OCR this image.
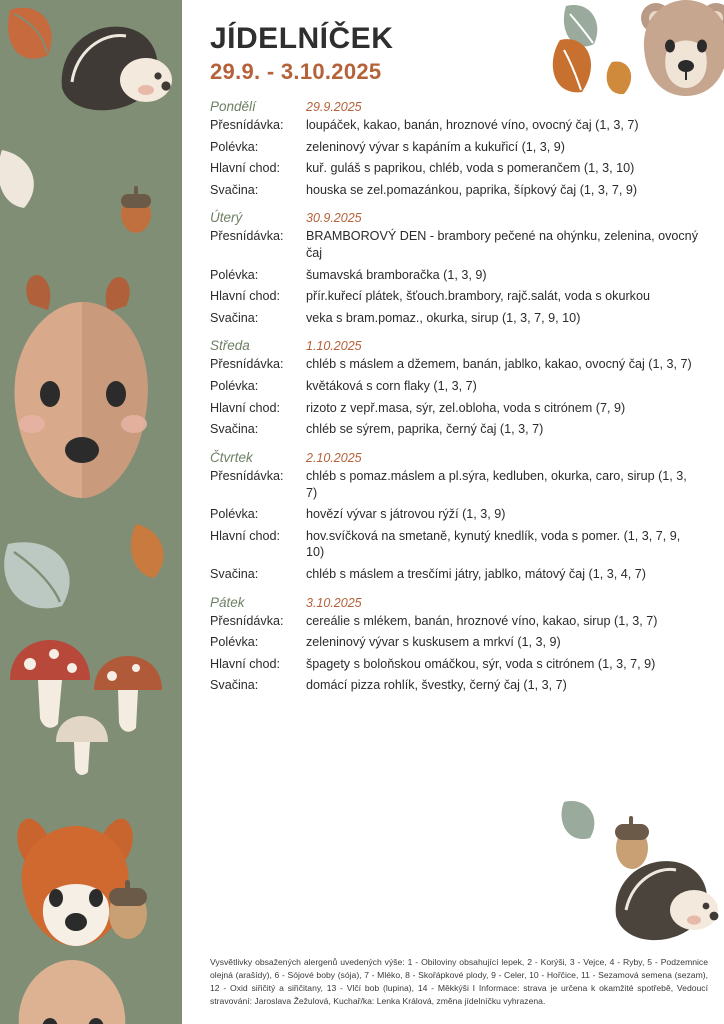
JÍDELNÍČEK
29.9. - 3.10.2025
Pondělí	29.9.2025
Přesnídávka:	loupáček, kakao, banán, hroznové víno, ovocný čaj (1, 3, 7)
Polévka:	zeleninový vývar s kapáním a kukuřicí (1, 3, 9)
Hlavní chod:	kuř. guláš s paprikou, chléb, voda s pomerančem (1, 3, 10)
Svačina:	houska se zel.pomazánkou, paprika, šípkový čaj (1, 3, 7, 9)
Úterý	30.9.2025
Přesnídávka:	BRAMBOROVÝ DEN - brambory pečené na ohýnku, zelenina, ovocný čaj
Polévka:	šumavská bramboračka (1, 3, 9)
Hlavní chod:	přír.kuřecí plátek, šťouch.brambory, rajč.salát, voda s okurkou
Svačina:	veka s bram.pomaz., okurka, sirup (1, 3, 7, 9, 10)
Středa	1.10.2025
Přesnídávka:	chléb s máslem a džemem, banán, jablko, kakao, ovocný čaj (1, 3, 7)
Polévka:	květáková s corn flaky (1, 3, 7)
Hlavní chod:	rizoto z vepř.masa, sýr, zel.obloha, voda s citrónem (7, 9)
Svačina:	chléb se sýrem, paprika, černý čaj (1, 3, 7)
Čtvrtek	2.10.2025
Přesnídávka:	chléb s pomaz.máslem a pl.sýra, kedluben, okurka, caro, sirup (1, 3, 7)
Polévka:	hovězí vývar s játrovou rýží (1, 3, 9)
Hlavní chod:	hov.svíčková na smetaně, kynutý knedlík, voda s pomer. (1, 3, 7, 9, 10)
Svačina:	chléb s máslem a tresčími játry, jablko, mátový čaj (1, 3, 4, 7)
Pátek	3.10.2025
Přesnídávka:	cereálie s mlékem, banán, hroznové víno, kakao, sirup (1, 3, 7)
Polévka:	zeleninový vývar s kuskusem a mrkví (1, 3, 9)
Hlavní chod:	špagety s boloňskou omáčkou, sýr, voda s citrónem (1, 3, 7, 9)
Svačina:	domácí pizza rohlík, švestky, černý čaj (1, 3, 7)
Vysvětlivky obsažených alergenů uvedených výše: 1 - Obiloviny obsahující lepek, 2 - Korýši, 3 - Vejce, 4 - Ryby, 5 - Podzemnice olejná (arašídy), 6 - Sójové boby (sója), 7 - Mléko, 8 - Skořápkové plody, 9 - Celer, 10 - Hořčice, 11 - Sezamová semena (sezam), 12 - Oxid siřičitý a siřičitany, 13 - Vlčí bob (lupina), 14 - Měkkýši I Informace: strava je určena k okamžité spotřebě, Vedoucí stravování: Jaroslava Žežulová, Kuchař/ka: Lenka Králová, změna jídelníčku vyhrazena.
